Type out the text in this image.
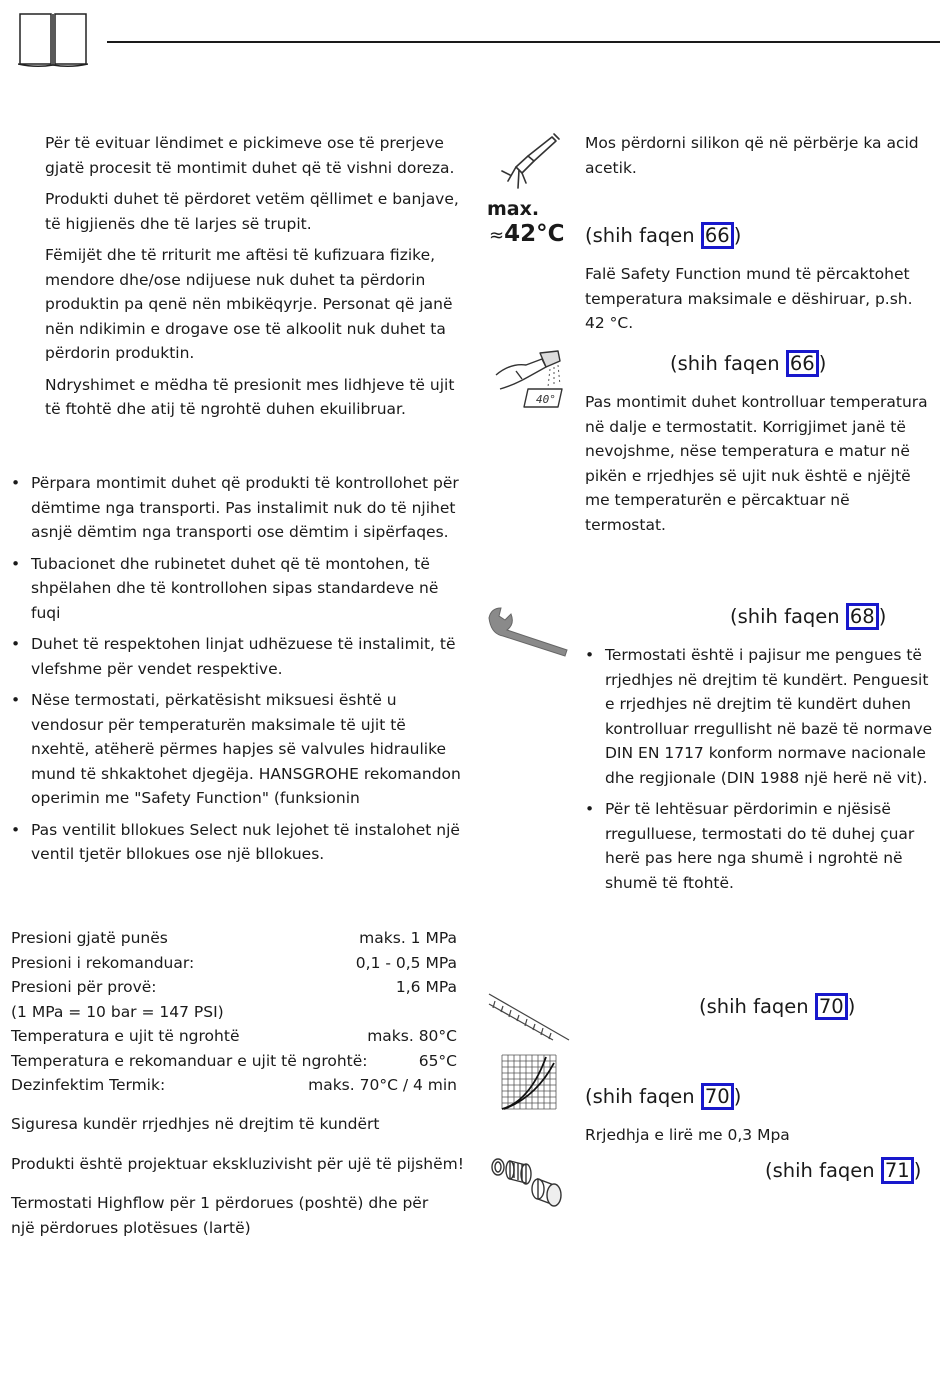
Për të evituar lëndimet e pickimeve ose të prerjeve gjatë procesit të montimit duhet që të vishni doreza.

Produkti duhet të përdoret vetëm qëllimet e banjave, të higjienës dhe të larjes së trupit.

Fëmijët dhe të rriturit me aftësi të kufizuara fizike, mendore dhe/ose ndijuese nuk duhet ta përdorin produktin pa qenë nën mbikëqyrje. Personat që janë nën ndikimin e drogave ose të alkoolit nuk duhet ta përdorin produktin.

Ndryshimet e mëdha të presionit mes lidhjeve të ujit të ftohtë dhe atij të ngrohtë duhen ekuilibruar.

• Përpara montimit duhet që produkti të kontrollohet për dëmtime nga transporti. Pas instalimit nuk do të njihet asnjë dëmtim nga transporti ose dëmtim i sipërfaqes.
• Tubacionet dhe rubinetet duhet që të montohen, të shpëlahen dhe të kontrollohen sipas standardeve në fuqi
• Duhet të respektohen linjat udhëzuese të instalimit, të vlefshme për vendet respektive.
• Nëse termostati, përkatësisht miksuesi është u vendosur për temperaturën maksimale të ujit të nxehtë, atëherë përmes hapjes së valvules hidraulike mund të shkaktohet djegëja. HANSGROHE rekomandon operimin me "Safety Function" (funksionin
• Pas ventilit bllokues Select nuk lejohet të instalohet një ventil tjetër bllokues ose një bllokues.
Presioni gjatë punës	maks. 1 MPa
Presioni i rekomanduar:	0,1 - 0,5 MPa
Presioni për provë:	1,6 MPa
(1 MPa = 10 bar = 147 PSI)
Temperatura e ujit të ngrohtë	maks. 80°C
Temperatura e rekomanduar e ujit të ngrohtë:	65°C
Dezinfektim Termik:	maks. 70°C / 4 min
Siguresa kundër rrjedhjes në drejtim të kundërt
Produkti është projektuar ekskluzivisht për ujë të pijshëm!
Termostati Highflow për 1 përdorues (poshtë) dhe për një përdorues plotësues (lartë)
Mos përdorni silikon që në përbërje ka acid acetik.
max.
≈42°C (shih faqen 66 )
Falë Safety Function mund të përcaktohet temperatura maksimale e dëshiruar, p.sh. 42 °C.
40°
(shih faqen 66 )
Pas montimit duhet kontrolluar temperatura në dalje e termostatit. Korrigjimet janë të nevojshme, nëse temperatura e matur në pikën e rrjedhjes së ujit nuk është e njëjtë me temperaturën e përcaktuar në termostat.
(shih faqen 68 )
• Termostati është i pajisur me pengues të rrjedhjes në drejtim të kundërt. Penguesit e rrjedhjes në drejtim të kundërt duhen kontrolluar rregullisht në bazë të normave DIN EN 1717 konform normave nacionale dhe regjionale (DIN 1988 një herë në vit).
• Për të lehtësuar përdorimin e njësisë rregulluese, termostati do të duhej çuar herë pas here nga shumë i ngrohtë në shumë të ftohtë.
(shih faqen 70 )
(shih faqen 70 )
Rrjedhja e lirë me 0,3 Mpa
(shih faqen 71 )
